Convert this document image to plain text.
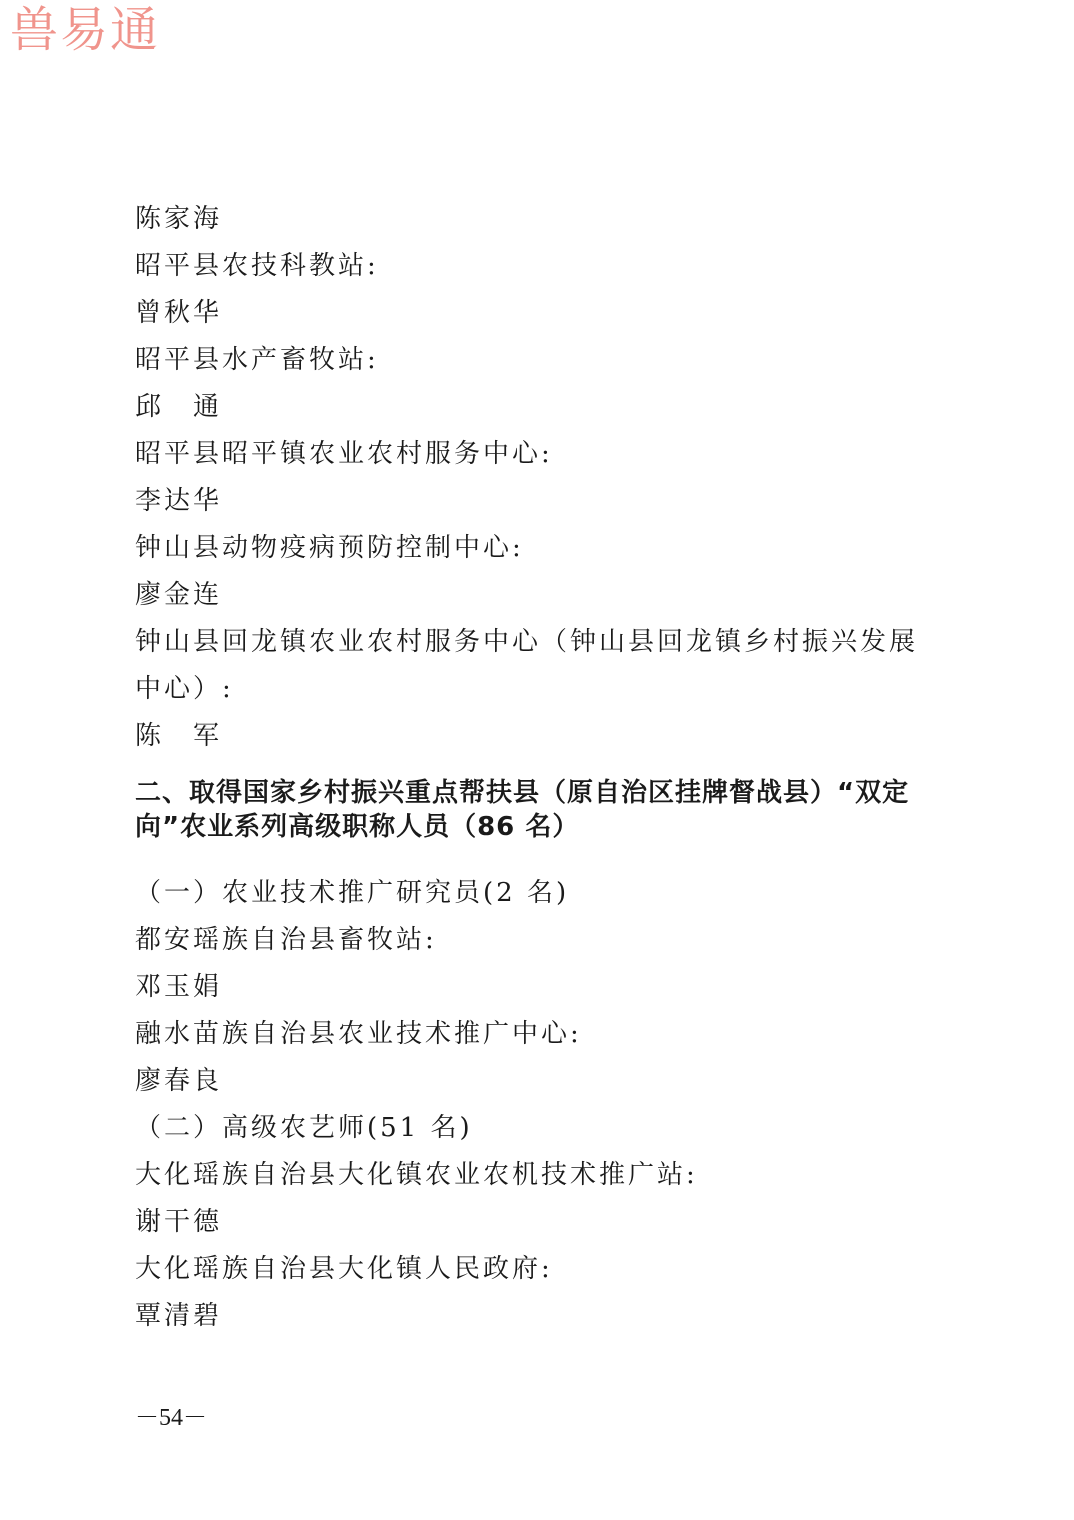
兽易通
陈家海
昭平县农技科教站:
曾秋华
昭平县水产畜牧站:
邱　通
昭平县昭平镇农业农村服务中心:
李达华
钟山县动物疫病预防控制中心:
廖金连
钟山县回龙镇农业农村服务中心（钟山县回龙镇乡村振兴发展
中心）:
陈　军
二、取得国家乡村振兴重点帮扶县（原自治区挂牌督战县）“双定向”农业系列高级职称人员（86 名）
（一）农业技术推广研究员(2 名)
都安瑶族自治县畜牧站:
邓玉娟
融水苗族自治县农业技术推广中心:
廖春良
（二）高级农艺师(51 名)
大化瑶族自治县大化镇农业农机技术推广站:
谢干德
大化瑶族自治县大化镇人民政府:
覃清碧
－54－
